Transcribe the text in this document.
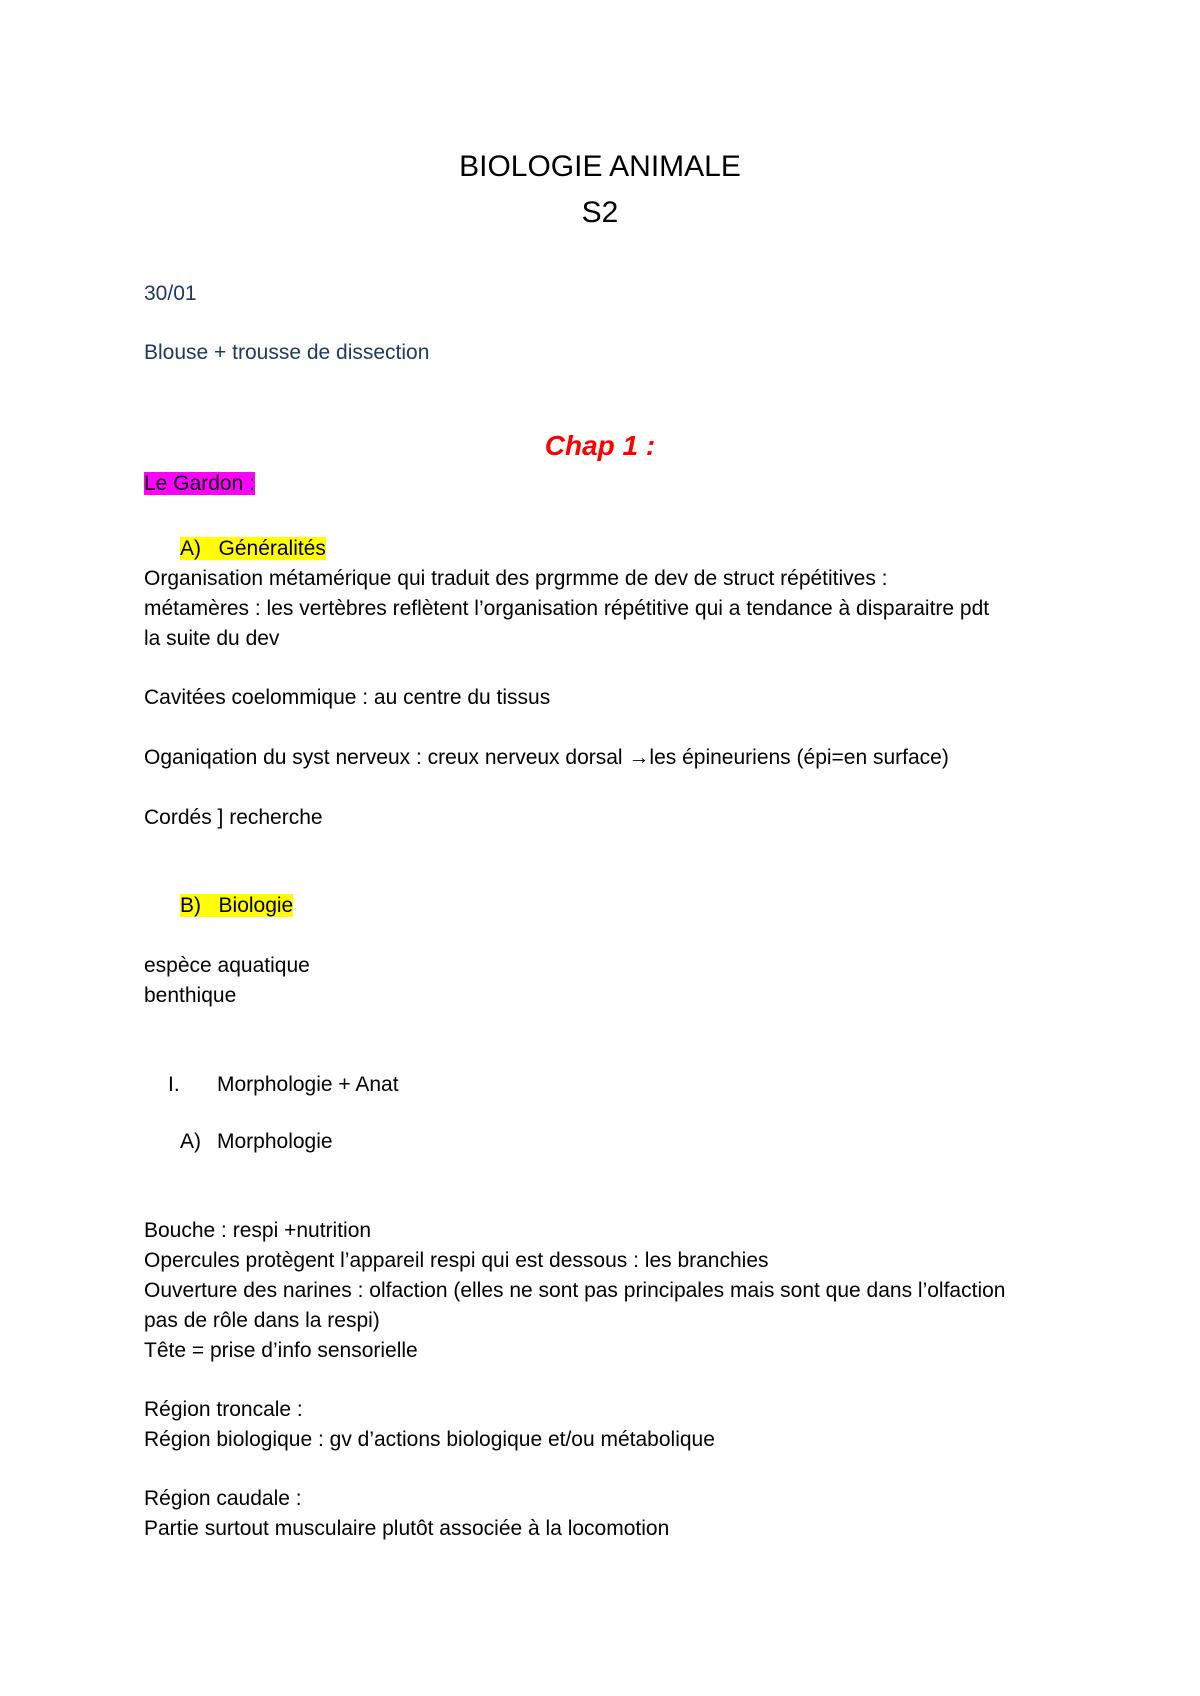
BIOLOGIE ANIMALE
S2
30/01
Blouse + trousse de dissection
Chap 1 :
Le Gardon :
A) Généralités
Organisation métamérique qui traduit des prgrmme de dev de struct répétitives :
métamères : les vertèbres reflètent l’organisation répétitive qui a tendance à disparaitre pdt
la suite du dev
Cavitées coelommique : au centre du tissus
Oganiqation du syst nerveux : creux nerveux dorsal →les épineuriens (épi=en surface)
Cordés ] recherche
B) Biologie
espèce aquatique
benthique
I. Morphologie + Anat
A) Morphologie
Bouche : respi +nutrition
Opercules protègent l’appareil respi qui est dessous : les branchies
Ouverture des narines : olfaction (elles ne sont pas principales mais sont que dans l’olfaction
pas de rôle dans la respi)
Tête = prise d’info sensorielle
Région troncale :
Région biologique : gv d’actions biologique et/ou métabolique
Région caudale :
Partie surtout musculaire plutôt associée à la locomotion
